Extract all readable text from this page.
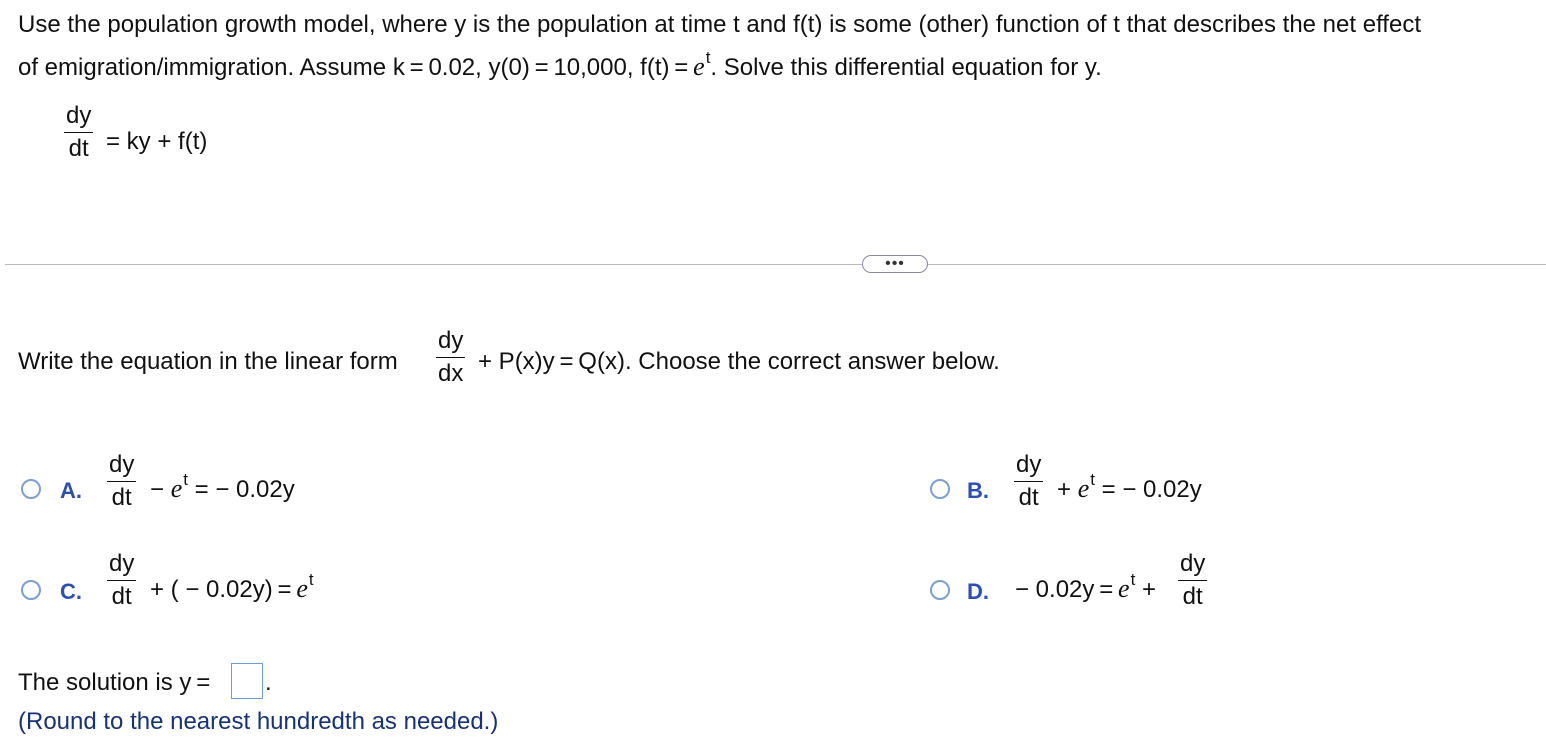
Use the population growth model, where y is the population at time t and f(t) is some (other) function of t that describes the net effect
of emigration/immigration. Assume k = 0.02, y(0) = 10,000, $f(t) = e^t$. Solve this differential equation for y.
dy
dt = ky + f(t)
•••
Write the equation in the linear form
dy
dx + P(x)y = Q(x). Choose the correct answer below.
A.
dy
dt − $e^t$ = − 0.02y	B.
dy
dt + $e^t$ = − 0.02y
C.
dy
dt + ( − $0.02y) = e^t$	D. − $0.02y = e^t$ +
dy
dt
The solution is y = .
(Round to the nearest hundredth as needed.)
